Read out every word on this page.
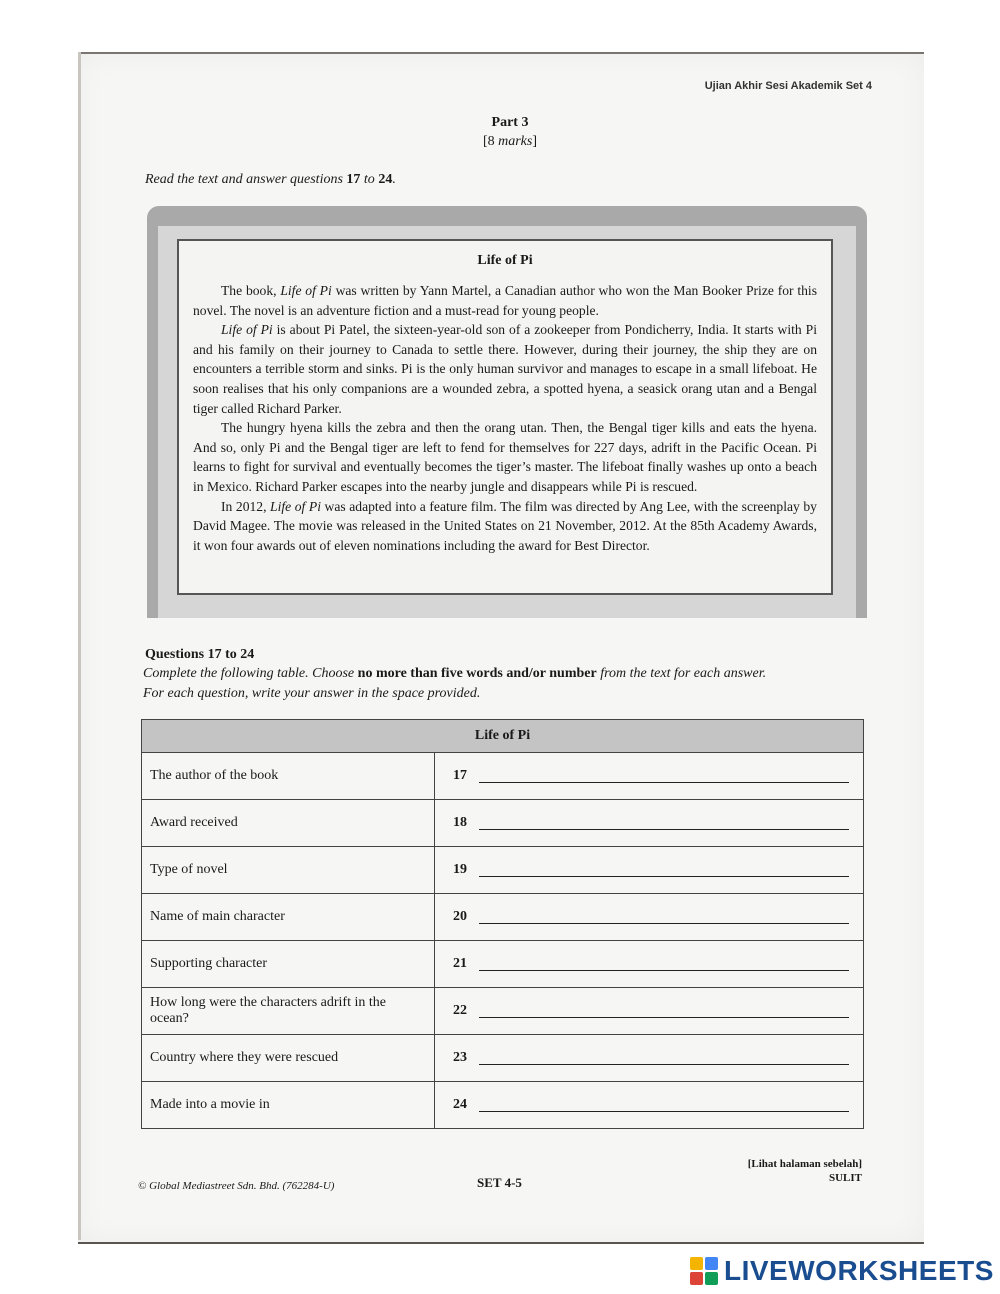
Ujian Akhir Sesi Akademik Set 4
Part 3
[8 marks]
Read the text and answer questions 17 to 24.
Life of Pi

The book, Life of Pi was written by Yann Martel, a Canadian author who won the Man Booker Prize for this novel. The novel is an adventure fiction and a must-read for young people.

Life of Pi is about Pi Patel, the sixteen-year-old son of a zookeeper from Pondicherry, India. It starts with Pi and his family on their journey to Canada to settle there. However, during their journey, the ship they are on encounters a terrible storm and sinks. Pi is the only human survivor and manages to escape in a small lifeboat. He soon realises that his only companions are a wounded zebra, a spotted hyena, a seasick orang utan and a Bengal tiger called Richard Parker.

The hungry hyena kills the zebra and then the orang utan. Then, the Bengal tiger kills and eats the hyena. And so, only Pi and the Bengal tiger are left to fend for themselves for 227 days, adrift in the Pacific Ocean. Pi learns to fight for survival and eventually becomes the tiger’s master. The lifeboat finally washes up onto a beach in Mexico. Richard Parker escapes into the nearby jungle and disappears while Pi is rescued.

In 2012, Life of Pi was adapted into a feature film. The film was directed by Ang Lee, with the screenplay by David Magee. The movie was released in the United States on 21 November, 2012. At the 85th Academy Awards, it won four awards out of eleven nominations including the award for Best Director.

Questions 17 to 24
Complete the following table. Choose no more than five words and/or number from the text for each answer.
For each question, write your answer in the space provided.
Life of Pi	
The author of the book	17
Award received	18
Type of novel	19
Name of main character	20
Supporting character	21
How long were the characters adrift in the ocean?	22
Country where they were rescued	23
Made into a movie in	24
© Global Mediastreet Sdn. Bhd. (762284-U)	SET 4-5
[Lihat halaman sebelah]
SULIT
LIVEWORKSHEETS
